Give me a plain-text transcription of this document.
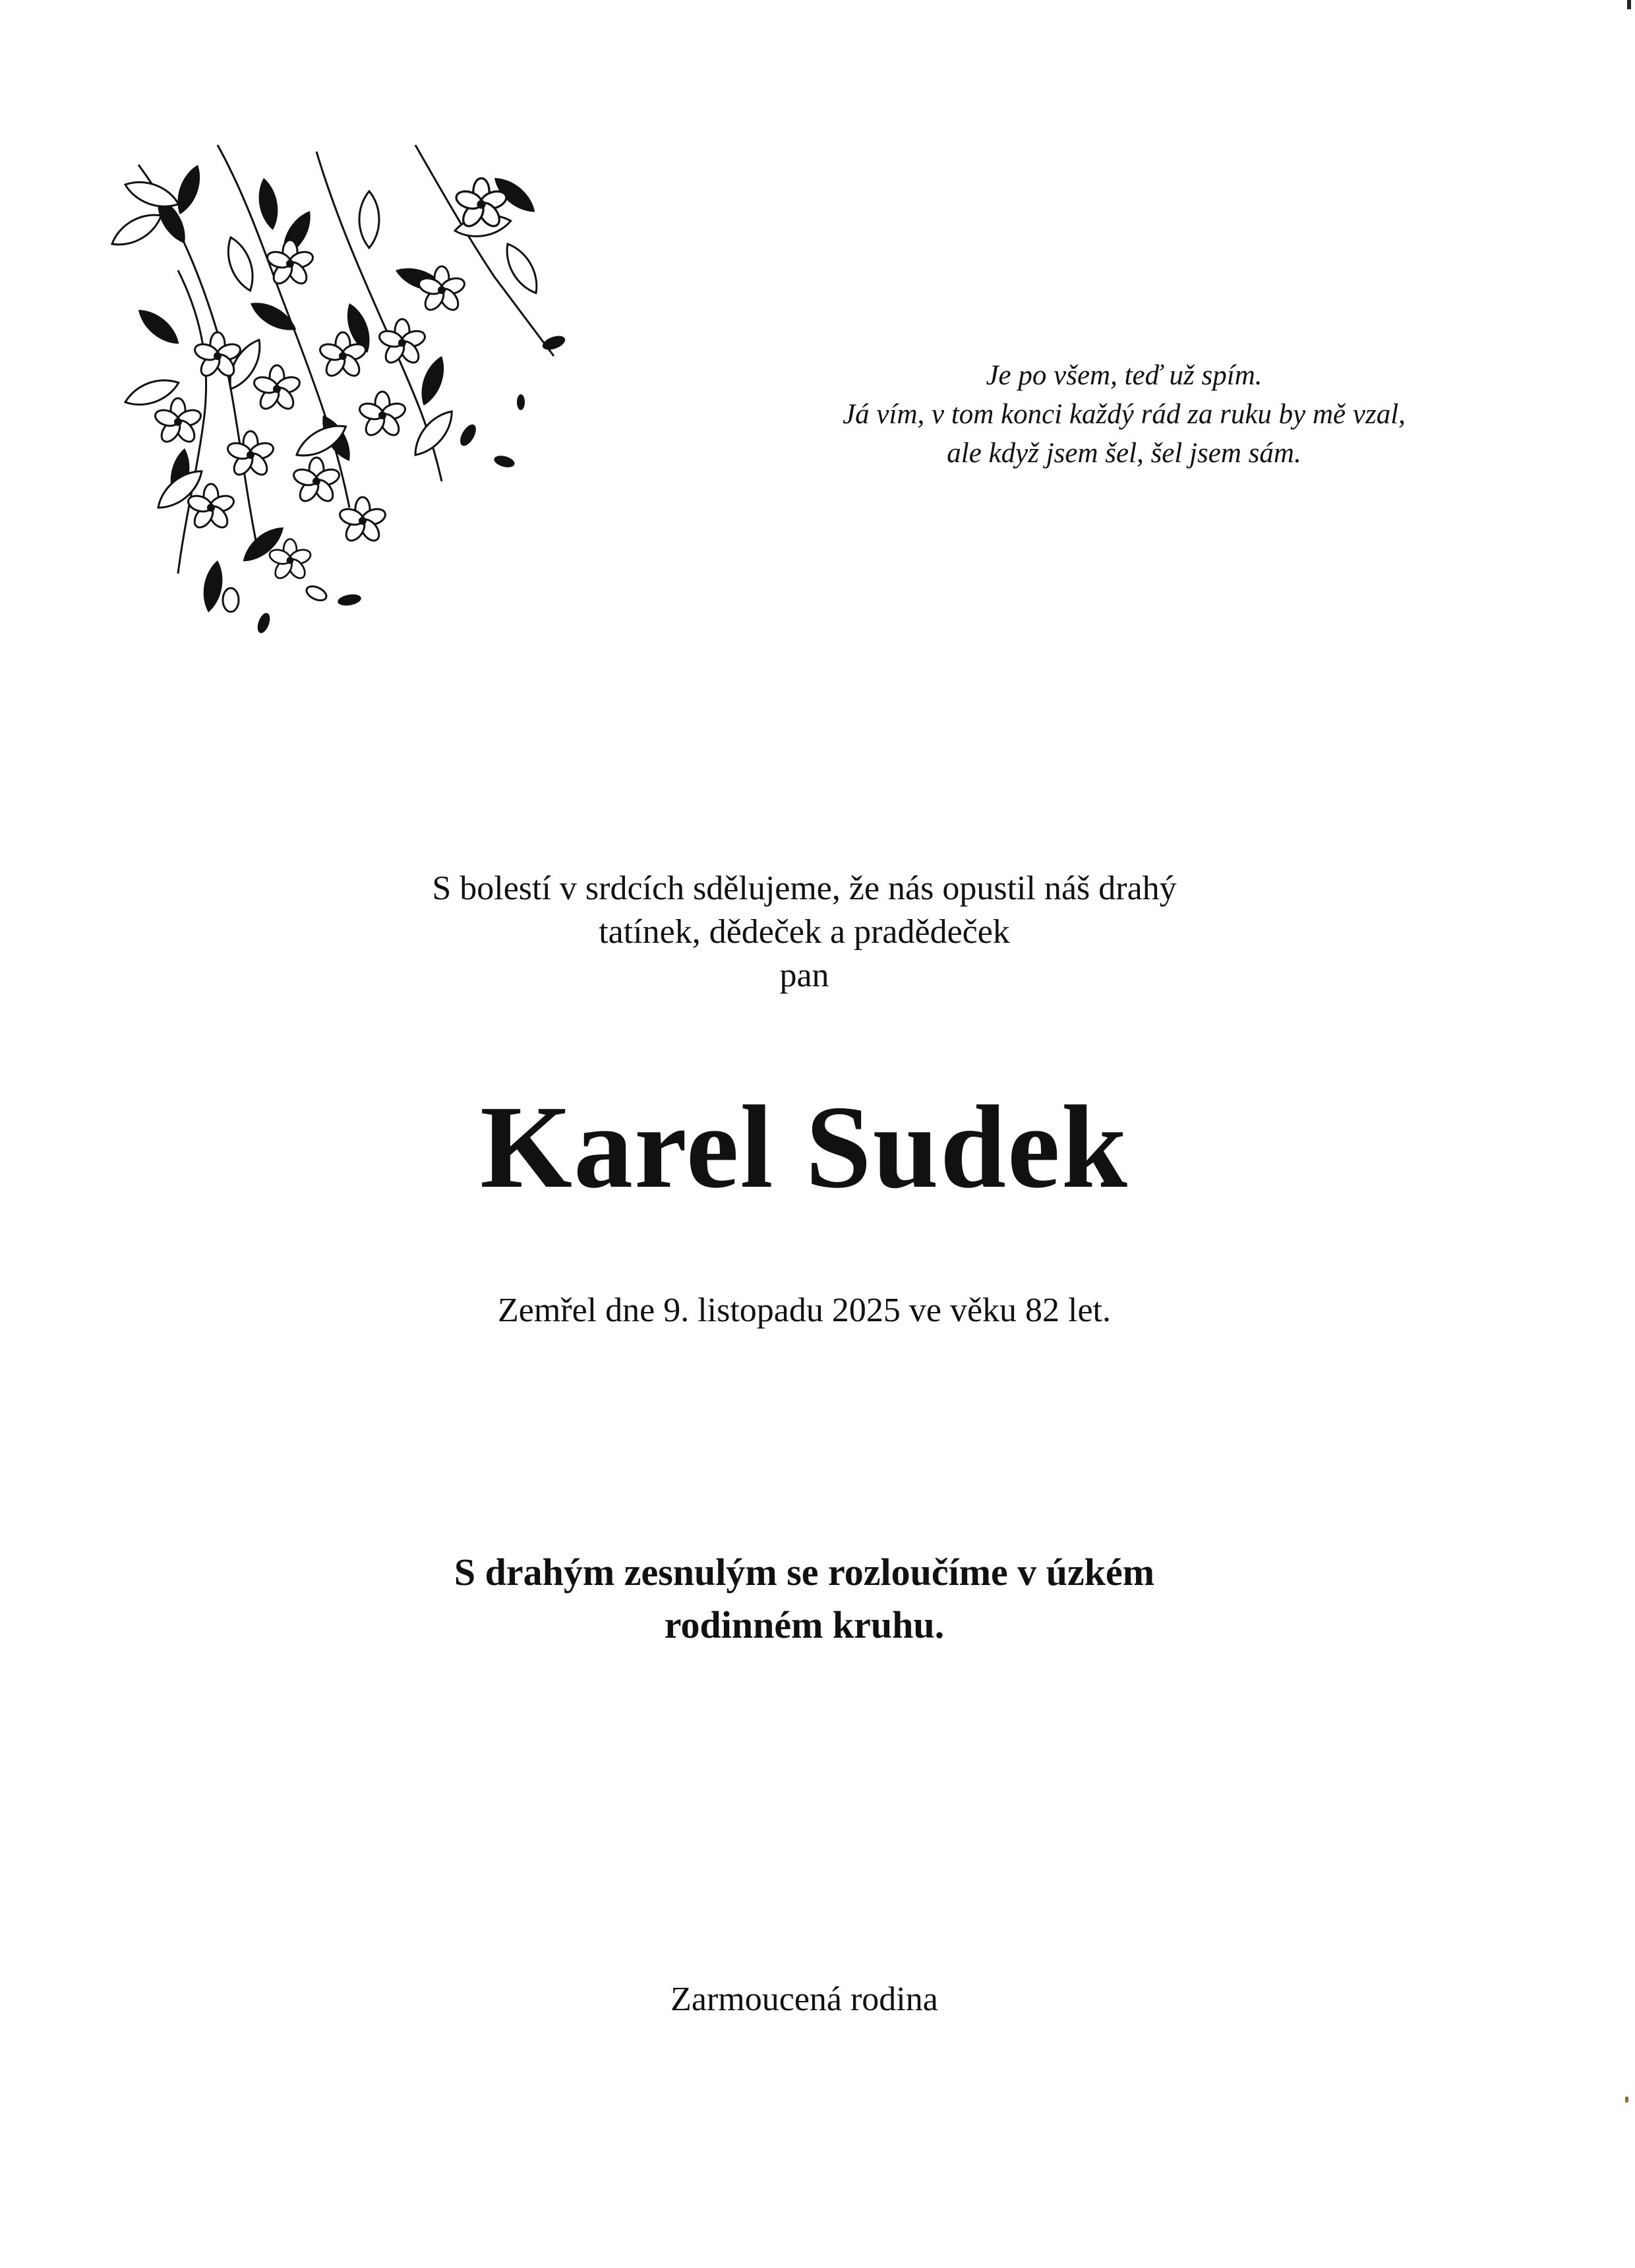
Je po všem, teď už spím.
Já vím, v tom konci každý rád za ruku by mě vzal,
ale když jsem šel, šel jsem sám.
S bolestí v srdcích sdělujeme, že nás opustil náš drahý
tatínek, dědeček a pradědeček
pan
Karel Sudek
Zemřel dne 9. listopadu 2025 ve věku 82 let.
S drahým zesnulým se rozloučíme v úzkém
rodinném kruhu.
Zarmoucená rodina
